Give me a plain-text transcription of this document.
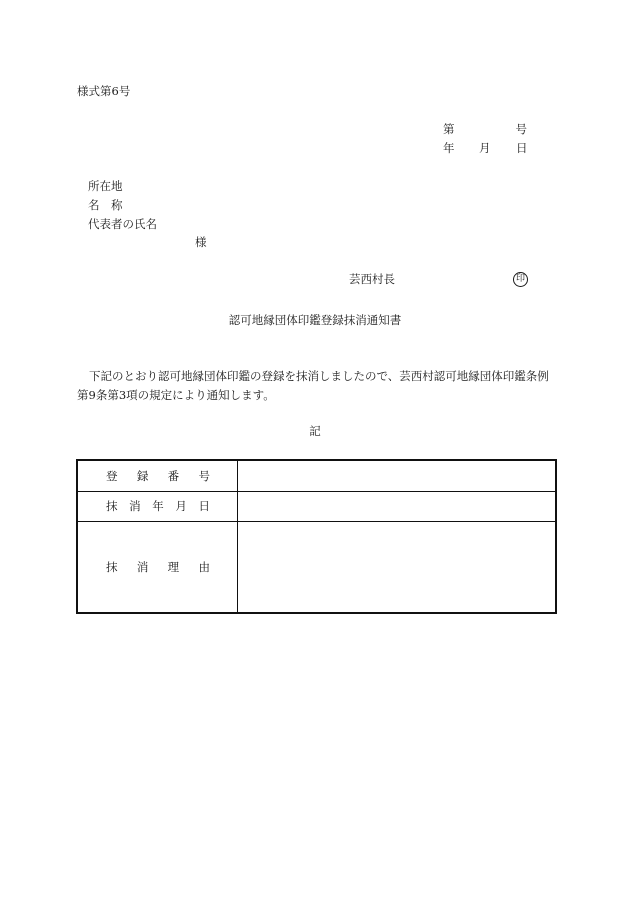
様式第6号
第	号
年 月 日
所在地
名　称
代表者の氏名
様
芸西村長	印
認可地縁団体印鑑登録抹消通知書
下記のとおり認可地縁団体印鑑の登録を抹消しましたので、芸西村認可地縁団体印鑑条例第9条第3項の規定により通知します。
記
登 録 番 号	

抹 消 年 月 日	

抹 消 理 由	
